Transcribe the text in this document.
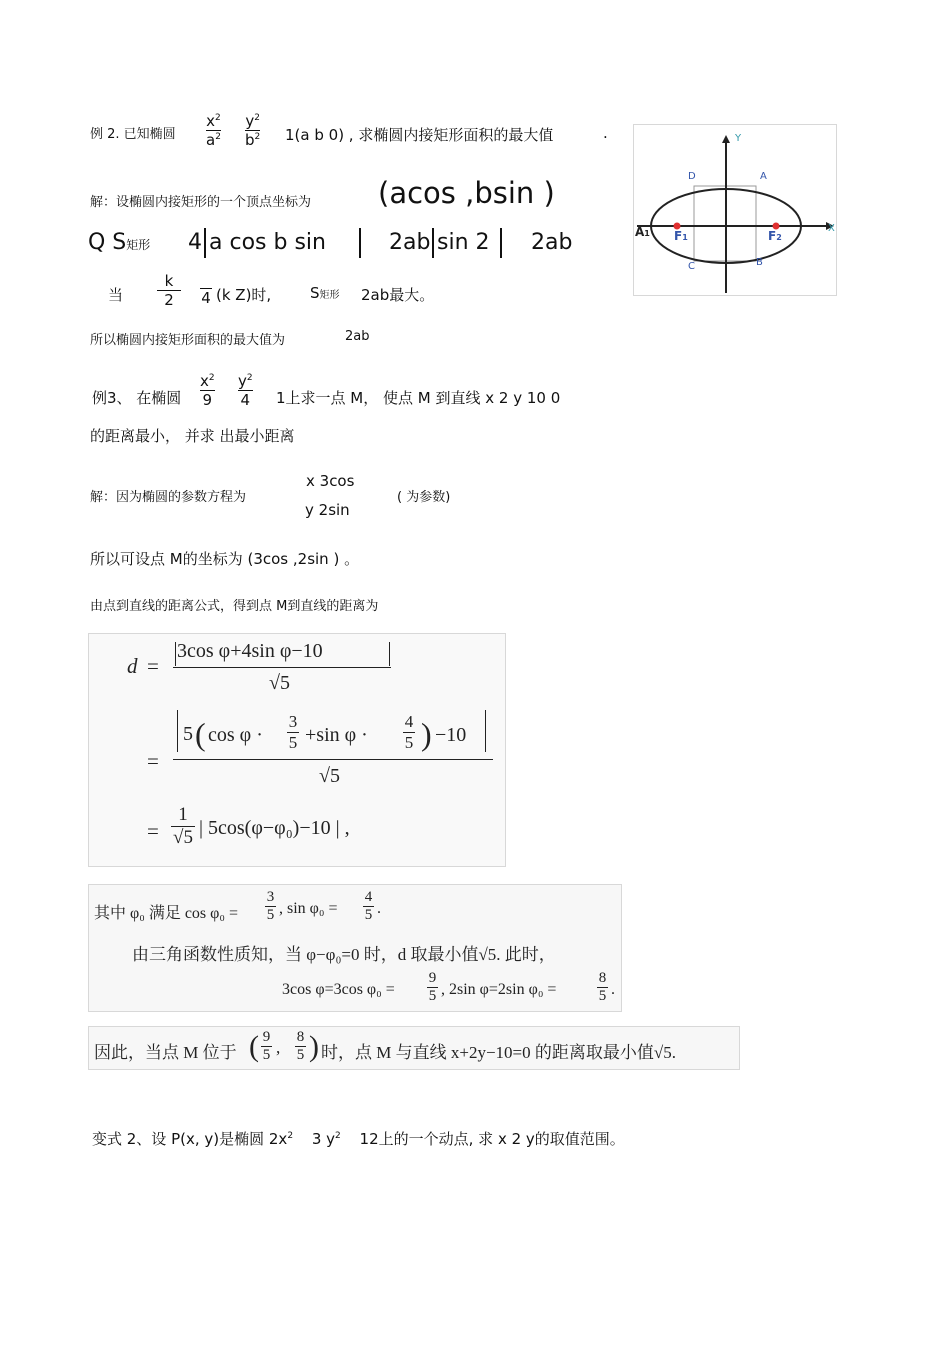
例 2. 已知椭圆
$x^2$
$a^2$
$y^2$
$b^2$ 1(a b 0) , 求椭圆内接矩形面积的最大值	.
解：设椭圆内接矩形的一个顶点坐标为 (acos ,bsin )
Q S矩形 4 a cos b sin	2ab sin 2 2ab
当
k
2 4 (k Z)时,	S矩形 2ab最大。
所以椭圆内接矩形面积的最大值为	2ab
Y
X
D	A
C	B
A1 F1	F2
例3、 在椭圆
$x^2$
9
$y^2$
4 1上求一点 M， 使点 M 到直线 x 2 y 10 0
的距离最小， 并求 出最小距离
解：因为椭圆的参数方程为
x 3cos
y 2sin
( 为参数)
所以可设点 M的坐标为 (3cos ,2sin ) 。
由点到直线的距离公式，得到点 M到直线的距离为
d =
3cos φ+4sin φ−10
√5
=
5 ( cos φ ·
3
5 +sin φ ·
4
5 ) −10
√5
=
1
√5 | 5cos(φ−φ₀)−10 | ,
其中 φ₀ 满足 cos φ₀ =
3
5 , sin φ₀ =
4
5 .
由三角函数性质知，当 φ−φ₀=0 时，d 取最小值√5. 此时，
3cos φ=3cos φ₀ =
9
5 , 2sin φ=2sin φ₀ =
8
5 .
因此，当点 M 位于 ( 9
5 ,
8
5 ) 时，点 M 与直线 x+2y−10=0 的距离取最小值√5.
变式 2、设 P(x, y)是椭圆 $2x^2$ 3 $y^2$ 12上的一个动点, 求 x 2 y的取值范围。
